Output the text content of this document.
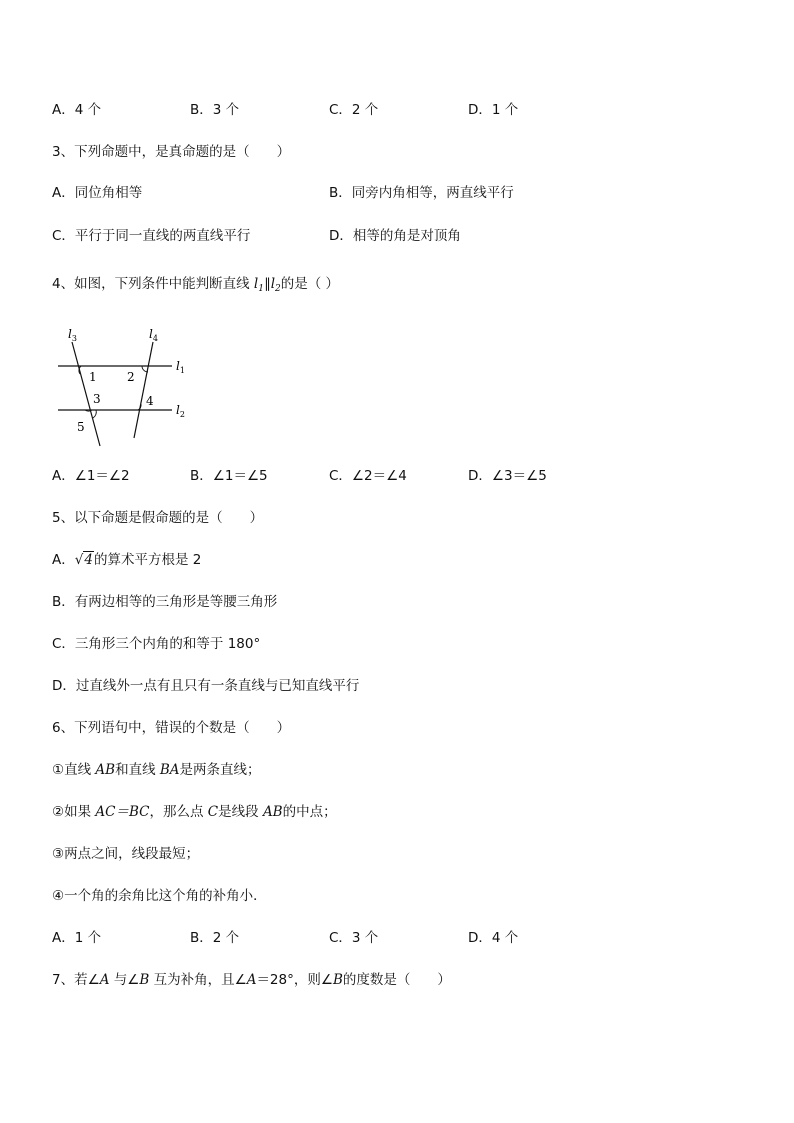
A．4 个	B．3 个	C．2 个	D．1 个
3、下列命题中，是真命题的是（　　）
A．同位角相等	B．同旁内角相等，两直线平行
C．平行于同一直线的两直线平行	D．相等的角是对顶角
4、如图，下列条件中能判断直线 $l_1\parallel l_2$的是（ ）
$l_3$	$l_4$
$l_1$
$l_2$
1	2
3	4
5
A．∠1＝∠2	B．∠1＝∠5	C．∠2＝∠4	D．∠3＝∠5
5、以下命题是假命题的是（　　）
A．√4的算术平方根是 2
B．有两边相等的三角形是等腰三角形
C．三角形三个内角的和等于 180°
D．过直线外一点有且只有一条直线与已知直线平行
6、下列语句中，错误的个数是（　　）
①直线 AB和直线 BA是两条直线；
②如果 AC＝BC，那么点 C是线段 AB的中点；
③两点之间，线段最短；
④一个角的余角比这个角的补角小．
A．1 个	B．2 个	C．3 个	D．4 个
7、若∠A 与∠B 互为补角，且∠A＝28°，则∠B的度数是（　　）
